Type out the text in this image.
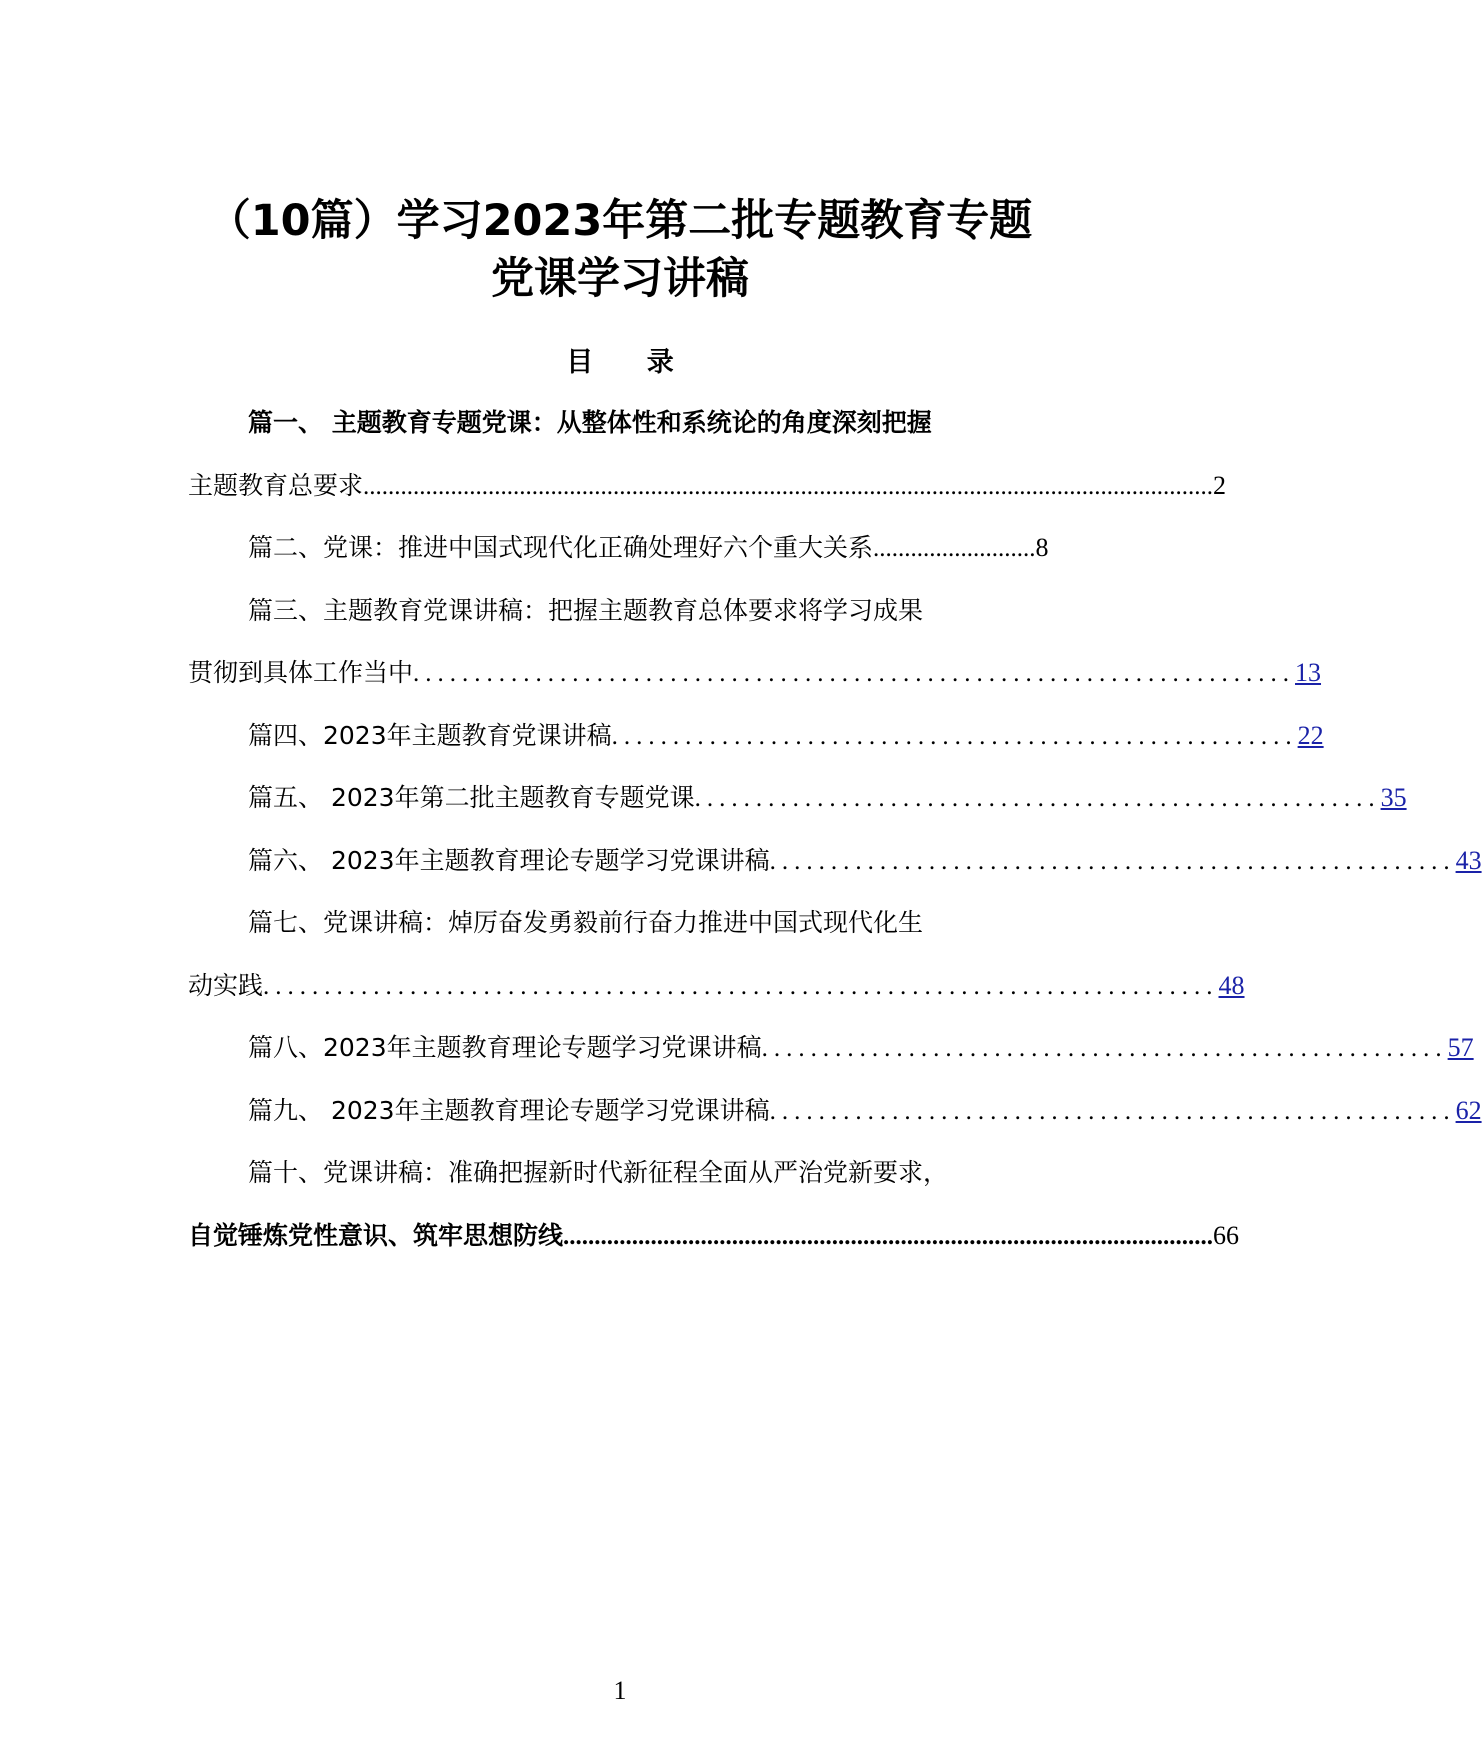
（10篇）学习2023年第二批专题教育专题
党课学习讲稿
目 录
篇一、 主题教育专题党课：从整体性和系统论的角度深刻把握
主题教育总要求 ........................................................................................................................................ 2
篇二、党课：推进中国式现代化正确处理好六个重大关系 .......................... 8
篇三、主题教育党课讲稿：把握主题教育总体要求将学习成果
贯彻到具体工作当中 ........................................................................ 13
篇四、2023年主题教育党课讲稿 ........................................................ 22
篇五、 2023年第二批主题教育专题党课 ........................................................ 35
篇六、 2023年主题教育理论专题学习党课讲稿 ........................................................ 43
篇七、党课讲稿：焯厉奋发勇毅前行奋力推进中国式现代化生
动实践 .............................................................................. 48
篇八、2023年主题教育理论专题学习党课讲稿 ........................................................ 57
篇九、 2023年主题教育理论专题学习党课讲稿 ........................................................ 62
篇十、党课讲稿：准确把握新时代新征程全面从严治党新要求，
自觉锤炼党性意识、筑牢思想防线 ........................................................................................................ 66
1
